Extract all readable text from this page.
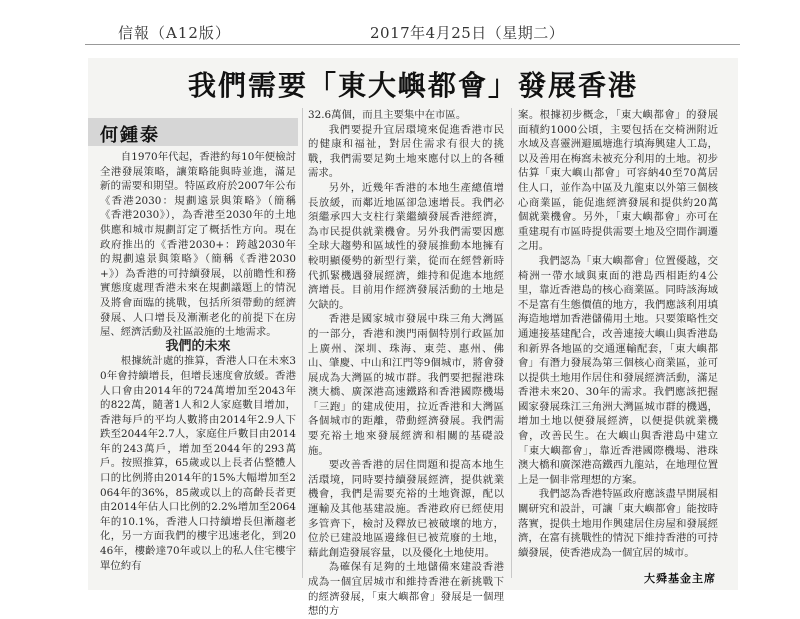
信報（A12版）	2017年4月25日（星期二）
我們需要「東大嶼都會」發展香港
何鍾泰

自1970年代起，香港約每10年便檢討全港發展策略，讓策略能與時並進，滿足新的需要和期望。特區政府於2007年公布《香港2030：規劃遠景與策略》（簡稱《香港2030》），為香港至2030年的土地供應和城市規劃訂定了概括性方向。現在政府推出的《香港2030+：跨越2030年的規劃遠景與策略》（簡稱《香港2030+》）為香港的可持續發展，以前瞻性和務實態度處理香港未來在規劃議題上的情況及將會面臨的挑戰，包括所須帶動的經濟發展、人口增長及漸漸老化的前提下在房屋、經濟活動及社區設施的土地需求。

我們的未來

根據統計處的推算，香港人口在未來30年會持續增長，但增長速度會放緩。香港人口會由2014年的724萬增加至2043年的822萬，隨著1人和2人家庭數目增加，香港每戶的平均人數將由2014年2.9人下跌至2044年2.7人，家庭住戶數目由2014年的243萬戶，增加至2044年的293萬戶。按照推算，65歲或以上長者佔整體人口的比例將由2014年的15%大幅增加至2064年的36%，85歲或以上的高齡長者更由2014年佔人口比例的2.2%增加至2064年的10.1%，香港人口持續增長但漸趨老化，另一方面我們的樓宇迅速老化，到2046年，樓齡達70年或以上的私人住宅樓宇單位約有

32.6萬個，而且主要集中在市區。

我們要提升宜居環境來促進香港市民的健康和福祉，對居住需求有很大的挑戰，我們需要足夠土地來應付以上的各種需求。

另外，近幾年香港的本地生產總值增長放緩，而鄰近地區卻急速增長。我們必須繼承四大支柱行業繼續發展香港經濟，為市民提供就業機會。另外我們需要因應全球大趨勢和區域性的發展推動本地擁有較明顯優勢的新型行業，從而在經營新時代抓緊機遇發展經濟，維持和促進本地經濟增長。目前用作經濟發展活動的土地是欠缺的。

香港是國家城市發展中珠三角大灣區的一部分，香港和澳門兩個特別行政區加上廣州、深圳、珠海、東莞、惠州、佛山、肇慶、中山和江門等9個城市，將會發展成為大灣區的城市群。我們要把握港珠澳大橋、廣深港高速鐵路和香港國際機場「三跑」的建成使用，拉近香港和大灣區各個城市的距離，帶動經濟發展。我們需要充裕土地來發展經濟和相關的基礎設施。

要改善香港的居住問題和提高本地生活環境，同時要持續發展經濟，提供就業機會，我們是需要充裕的土地資源，配以運輸及其他基建設施。香港政府已經使用多管齊下，檢討及釋放已被破壞的地方，位於已建設地區邊緣但已被荒廢的土地，藉此創造發展容量，以及優化土地使用。

為確保有足夠的土地儲備來建設香港成為一個宜居城市和維持香港在新挑戰下的經濟發展，「東大嶼都會」發展是一個理想的方

案。根據初步概念，「東大嶼都會」的發展面積約1000公頃，主要包括在交椅洲附近水域及喜靈洲避風塘進行填海興建人工島，以及善用在梅窩未被充分利用的土地。初步估算「東大嶼山都會」可容納40至70萬居住人口，並作為中區及九龍東以外第三個核心商業區，能促進經濟發展和提供約20萬個就業機會。另外，「東大嶼都會」亦可在重建現有市區時提供需要土地及空間作調遷之用。

我們認為「東大嶼都會」位置優越，交椅洲一帶水域與東面的港島西相距約4公里，靠近香港島的核心商業區。同時該海域不是富有生態價值的地方，我們應該利用填海造地增加香港儲備用土地。只要策略性交通連接基建配合，改善連接大嶼山與香港島和新界各地區的交通運輸配套，「東大嶼都會」有潛力發展為第三個核心商業區，並可以提供土地用作居住和發展經濟活動，滿足香港未來20、30年的需求。我們應該把握國家發展珠江三角洲大灣區城市群的機遇，增加土地以便發展經濟，以便提供就業機會，改善民生。在大嶼山與香港島中建立「東大嶼都會」，靠近香港國際機場、港珠澳大橋和廣深港高鐵西九龍站，在地理位置上是一個非常理想的方案。

我們認為香港特區政府應該盡早開展相關研究和設計，可讓「東大嶼都會」能按時落實，提供土地用作興建居住房屋和發展經濟，在富有挑戰性的情況下維持香港的可持續發展，使香港成為一個宜居的城市。

大舜基金主席
